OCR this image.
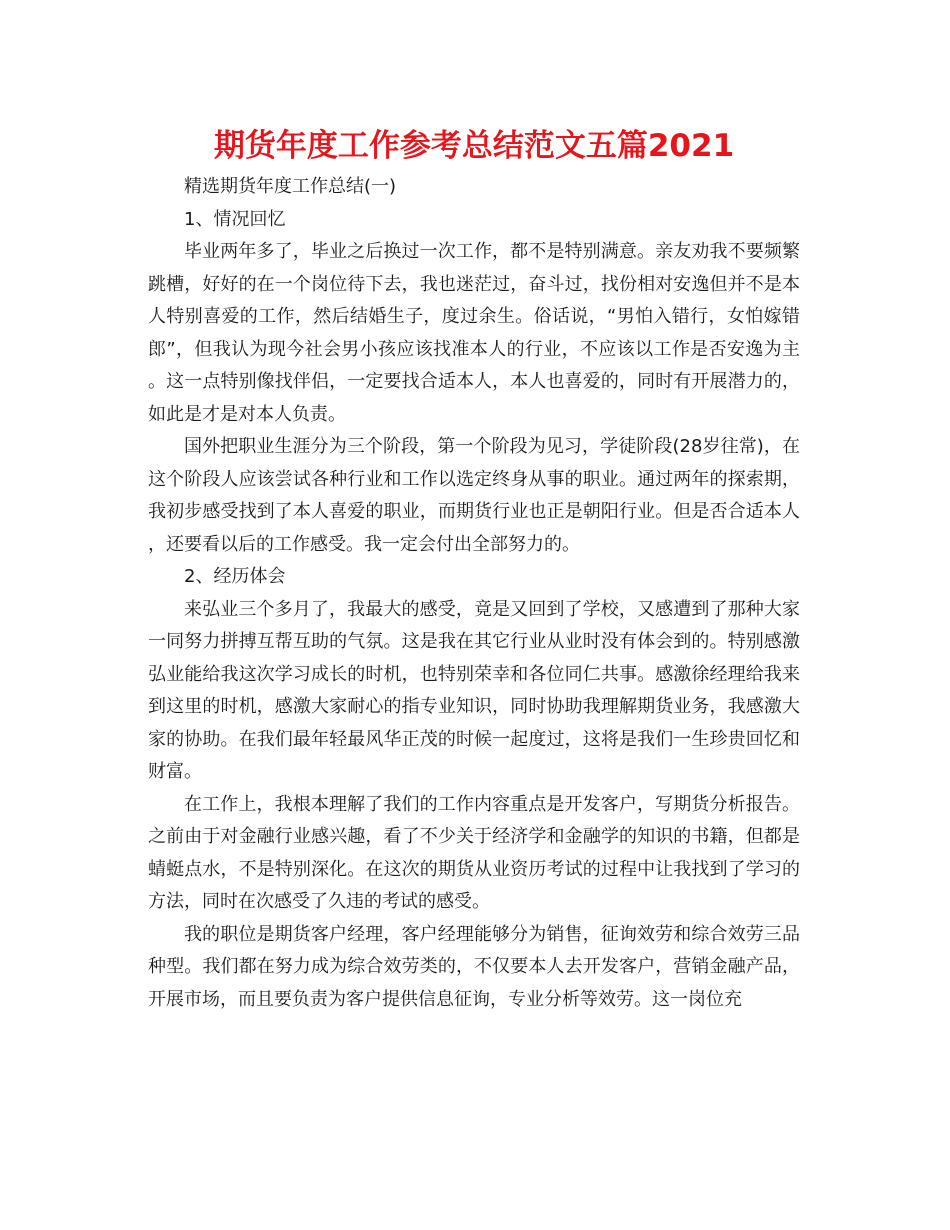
期货年度工作参考总结范文五篇2021

精选期货年度工作总结(一)

1、情况回忆

毕业两年多了，毕业之后换过一次工作，都不是特别满意。亲友劝我不要频繁跳槽，好好的在一个岗位待下去，我也迷茫过，奋斗过，找份相对安逸但并不是本人特别喜爱的工作，然后结婚生子，度过余生。俗话说，“男怕入错行，女怕嫁错郎”，但我认为现今社会男小孩应该找准本人的行业，不应该以工作是否安逸为主。这一点特别像找伴侣，一定要找合适本人，本人也喜爱的，同时有开展潜力的，如此是才是对本人负责。

国外把职业生涯分为三个阶段，第一个阶段为见习，学徒阶段(28岁往常)，在这个阶段人应该尝试各种行业和工作以选定终身从事的职业。通过两年的探索期，我初步感受找到了本人喜爱的职业，而期货行业也正是朝阳行业。但是否合适本人，还要看以后的工作感受。我一定会付出全部努力的。

2、经历体会

来弘业三个多月了，我最大的感受，竟是又回到了学校，又感遭到了那种大家一同努力拼搏互帮互助的气氛。这是我在其它行业从业时没有体会到的。特别感激弘业能给我这次学习成长的时机，也特别荣幸和各位同仁共事。感激徐经理给我来到这里的时机，感激大家耐心的指专业知识，同时协助我理解期货业务，我感激大家的协助。在我们最年轻最风华正茂的时候一起度过，这将是我们一生珍贵回忆和财富。

在工作上，我根本理解了我们的工作内容重点是开发客户，写期货分析报告。之前由于对金融行业感兴趣，看了不少关于经济学和金融学的知识的书籍，但都是蜻蜓点水，不是特别深化。在这次的期货从业资历考试的过程中让我找到了学习的方法，同时在次感受了久违的考试的感受。

我的职位是期货客户经理，客户经理能够分为销售，征询效劳和综合效劳三品种型。我们都在努力成为综合效劳类的，不仅要本人去开发客户，营销金融产品，开展市场，而且要负责为客户提供信息征询，专业分析等效劳。这一岗位充
